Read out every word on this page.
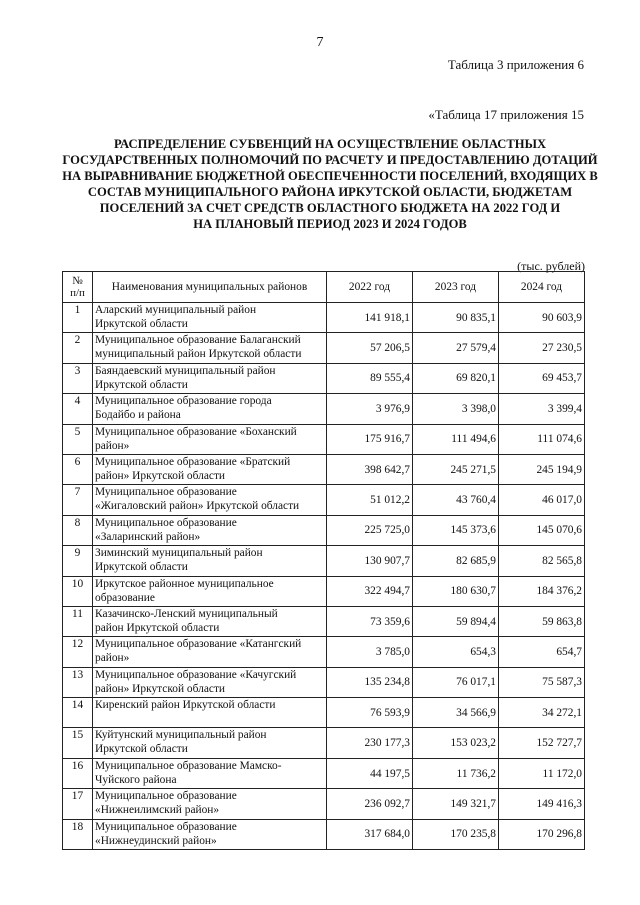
7
Таблица 3 приложения 6
«Таблица 17 приложения 15
РАСПРЕДЕЛЕНИЕ СУБВЕНЦИЙ НА ОСУЩЕСТВЛЕНИЕ ОБЛАСТНЫХ
ГОСУДАРСТВЕННЫХ ПОЛНОМОЧИЙ ПО РАСЧЕТУ И ПРЕДОСТАВЛЕНИЮ ДОТАЦИЙ
НА ВЫРАВНИВАНИЕ БЮДЖЕТНОЙ ОБЕСПЕЧЕННОСТИ ПОСЕЛЕНИЙ, ВХОДЯЩИХ В
СОСТАВ МУНИЦИПАЛЬНОГО РАЙОНА ИРКУТСКОЙ ОБЛАСТИ, БЮДЖЕТАМ
ПОСЕЛЕНИЙ ЗА СЧЕТ СРЕДСТВ ОБЛАСТНОГО БЮДЖЕТА НА 2022 ГОД И
НА ПЛАНОВЫЙ ПЕРИОД 2023 И 2024 ГОДОВ
(тыс. рублей)
№
п/п	Наименования муниципальных районов	2022 год	2023 год	2024 год
1	Аларский муниципальный район
Иркутской области	141 918,1	90 835,1	90 603,9
2	Муниципальное образование Балаганский
муниципальный район Иркутской области	57 206,5	27 579,4	27 230,5
3	Баяндаевский муниципальный район
Иркутской области	89 555,4	69 820,1	69 453,7
4	Муниципальное образование города
Бодайбо и района	3 976,9	3 398,0	3 399,4
5	Муниципальное образование «Боханский
район»	175 916,7	111 494,6	111 074,6
6	Муниципальное образование «Братский
район» Иркутской области	398 642,7	245 271,5	245 194,9
7	Муниципальное образование
«Жигаловский район» Иркутской области	51 012,2	43 760,4	46 017,0
8	Муниципальное образование
«Заларинский район»	225 725,0	145 373,6	145 070,6
9	Зиминский муниципальный район
Иркутской области	130 907,7	82 685,9	82 565,8
10	Иркутское районное муниципальное
образование	322 494,7	180 630,7	184 376,2
11	Казачинско-Ленский муниципальный
район Иркутской области	73 359,6	59 894,4	59 863,8
12	Муниципальное образование «Катангский
район»	3 785,0	654,3	654,7
13	Муниципальное образование «Качугский
район» Иркутской области	135 234,8	76 017,1	75 587,3
14	Киренский район Иркутской области	76 593,9	34 566,9	34 272,1
15	Куйтунский муниципальный район
Иркутской области	230 177,3	153 023,2	152 727,7
16	Муниципальное образование Мамско-
Чуйского района	44 197,5	11 736,2	11 172,0
17	Муниципальное образование
«Нижнеилимский район»	236 092,7	149 321,7	149 416,3
18	Муниципальное образование
«Нижнеудинский район»	317 684,0	170 235,8	170 296,8
